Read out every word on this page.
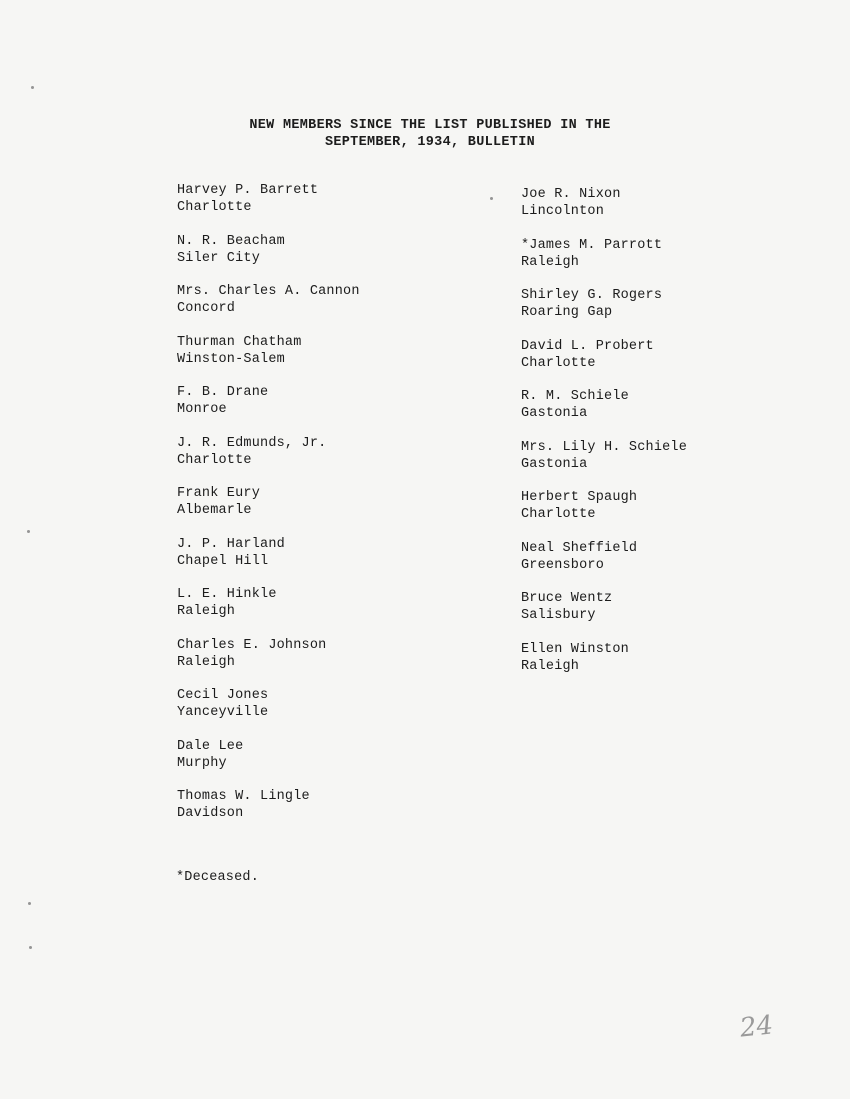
NEW MEMBERS SINCE THE LIST PUBLISHED IN THE
SEPTEMBER, 1934, BULLETIN
Harvey P. Barrett
Charlotte
N. R. Beacham
Siler City
Mrs. Charles A. Cannon
Concord
Thurman Chatham
Winston-Salem
F. B. Drane
Monroe
J. R. Edmunds, Jr.
Charlotte
Frank Eury
Albemarle
J. P. Harland
Chapel Hill
L. E. Hinkle
Raleigh
Charles E. Johnson
Raleigh
Cecil Jones
Yanceyville
Dale Lee
Murphy
Thomas W. Lingle
Davidson
Joe R. Nixon
Lincolnton
*James M. Parrott
Raleigh
Shirley G. Rogers
Roaring Gap
David L. Probert
Charlotte
R. M. Schiele
Gastonia
Mrs. Lily H. Schiele
Gastonia
Herbert Spaugh
Charlotte
Neal Sheffield
Greensboro
Bruce Wentz
Salisbury
Ellen Winston
Raleigh
*Deceased.
24
